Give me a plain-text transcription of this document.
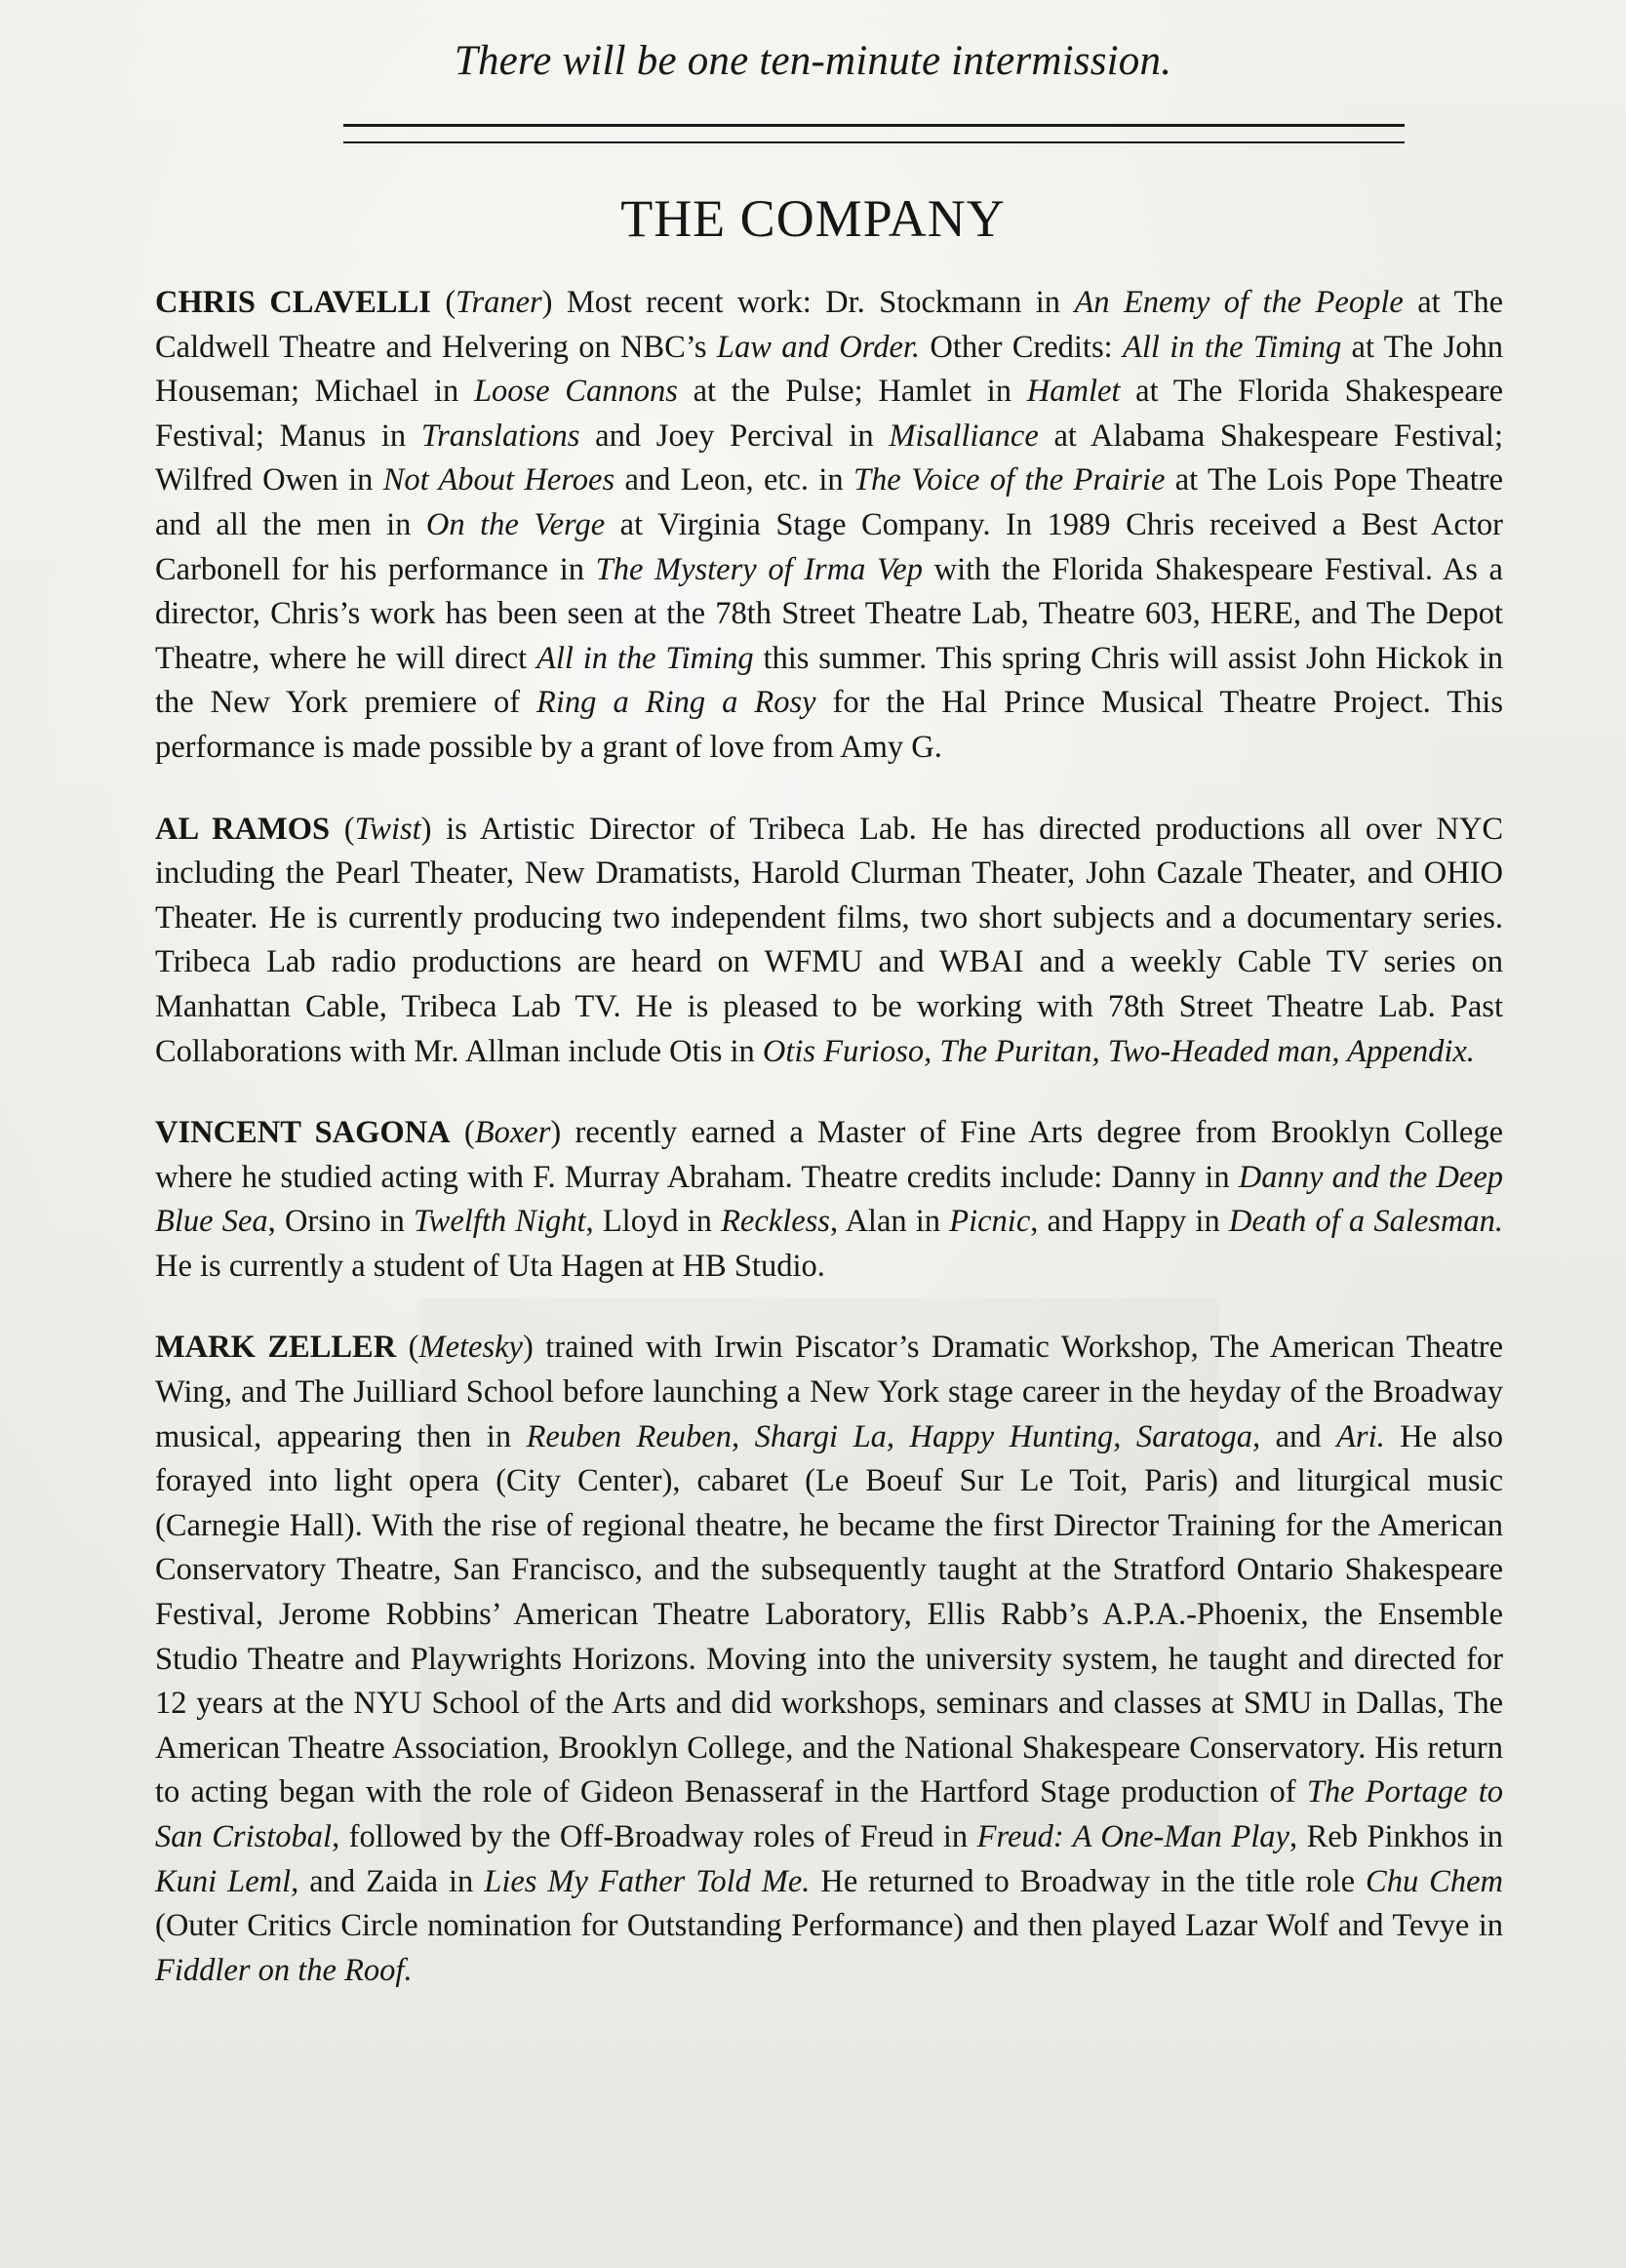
There will be one ten-minute intermission.
THE COMPANY

CHRIS CLAVELLI (Traner) Most recent work: Dr. Stockmann in An Enemy of the People at The Caldwell Theatre and Helvering on NBC’s Law and Order. Other Credits: All in the Timing at The John Houseman; Michael in Loose Cannons at the Pulse; Hamlet in Hamlet at The Florida Shakespeare Festival; Manus in Translations and Joey Percival in Misalliance at Alabama Shakespeare Festival; Wilfred Owen in Not About Heroes and Leon, etc. in The Voice of the Prairie at The Lois Pope Theatre and all the men in On the Verge at Virginia Stage Company. In 1989 Chris received a Best Actor Carbonell for his performance in The Mystery of Irma Vep with the Florida Shakespeare Festival. As a director, Chris’s work has been seen at the 78th Street Theatre Lab, Theatre 603, HERE, and The Depot Theatre, where he will direct All in the Timing this summer. This spring Chris will assist John Hickok in the New York premiere of Ring a Ring a Rosy for the Hal Prince Musical Theatre Project. This performance is made possible by a grant of love from Amy G.

AL RAMOS (Twist) is Artistic Director of Tribeca Lab. He has directed productions all over NYC including the Pearl Theater, New Dramatists, Harold Clurman Theater, John Cazale Theater, and OHIO Theater. He is currently producing two independent films, two short subjects and a documentary series. Tribeca Lab radio productions are heard on WFMU and WBAI and a weekly Cable TV series on Manhattan Cable, Tribeca Lab TV. He is pleased to be working with 78th Street Theatre Lab. Past Collaborations with Mr. Allman include Otis in Otis Furioso, The Puritan, Two-Headed man, Appendix.

VINCENT SAGONA (Boxer) recently earned a Master of Fine Arts degree from Brooklyn College where he studied acting with F. Murray Abraham. Theatre credits include: Danny in Danny and the Deep Blue Sea, Orsino in Twelfth Night, Lloyd in Reckless, Alan in Picnic, and Happy in Death of a Salesman. He is currently a student of Uta Hagen at HB Studio.

MARK ZELLER (Metesky) trained with Irwin Piscator’s Dramatic Workshop, The American Theatre Wing, and The Juilliard School before launching a New York stage career in the heyday of the Broadway musical, appearing then in Reuben Reuben, Shargi La, Happy Hunting, Saratoga, and Ari. He also forayed into light opera (City Center), cabaret (Le Boeuf Sur Le Toit, Paris) and liturgical music (Carnegie Hall). With the rise of regional theatre, he became the first Director Training for the American Conservatory Theatre, San Francisco, and the subsequently taught at the Stratford Ontario Shakespeare Festival, Jerome Robbins’ American Theatre Laboratory, Ellis Rabb’s A.P.A.-Phoenix, the Ensemble Studio Theatre and Playwrights Horizons. Moving into the university system, he taught and directed for 12 years at the NYU School of the Arts and did workshops, seminars and classes at SMU in Dallas, The American Theatre Association, Brooklyn College, and the National Shakespeare Conservatory. His return to acting began with the role of Gideon Benasseraf in the Hartford Stage production of The Portage to San Cristobal, followed by the Off-Broadway roles of Freud in Freud: A One-Man Play, Reb Pinkhos in Kuni Leml, and Zaida in Lies My Father Told Me. He returned to Broadway in the title role Chu Chem (Outer Critics Circle nomination for Outstanding Performance) and then played Lazar Wolf and Tevye in Fiddler on the Roof.
